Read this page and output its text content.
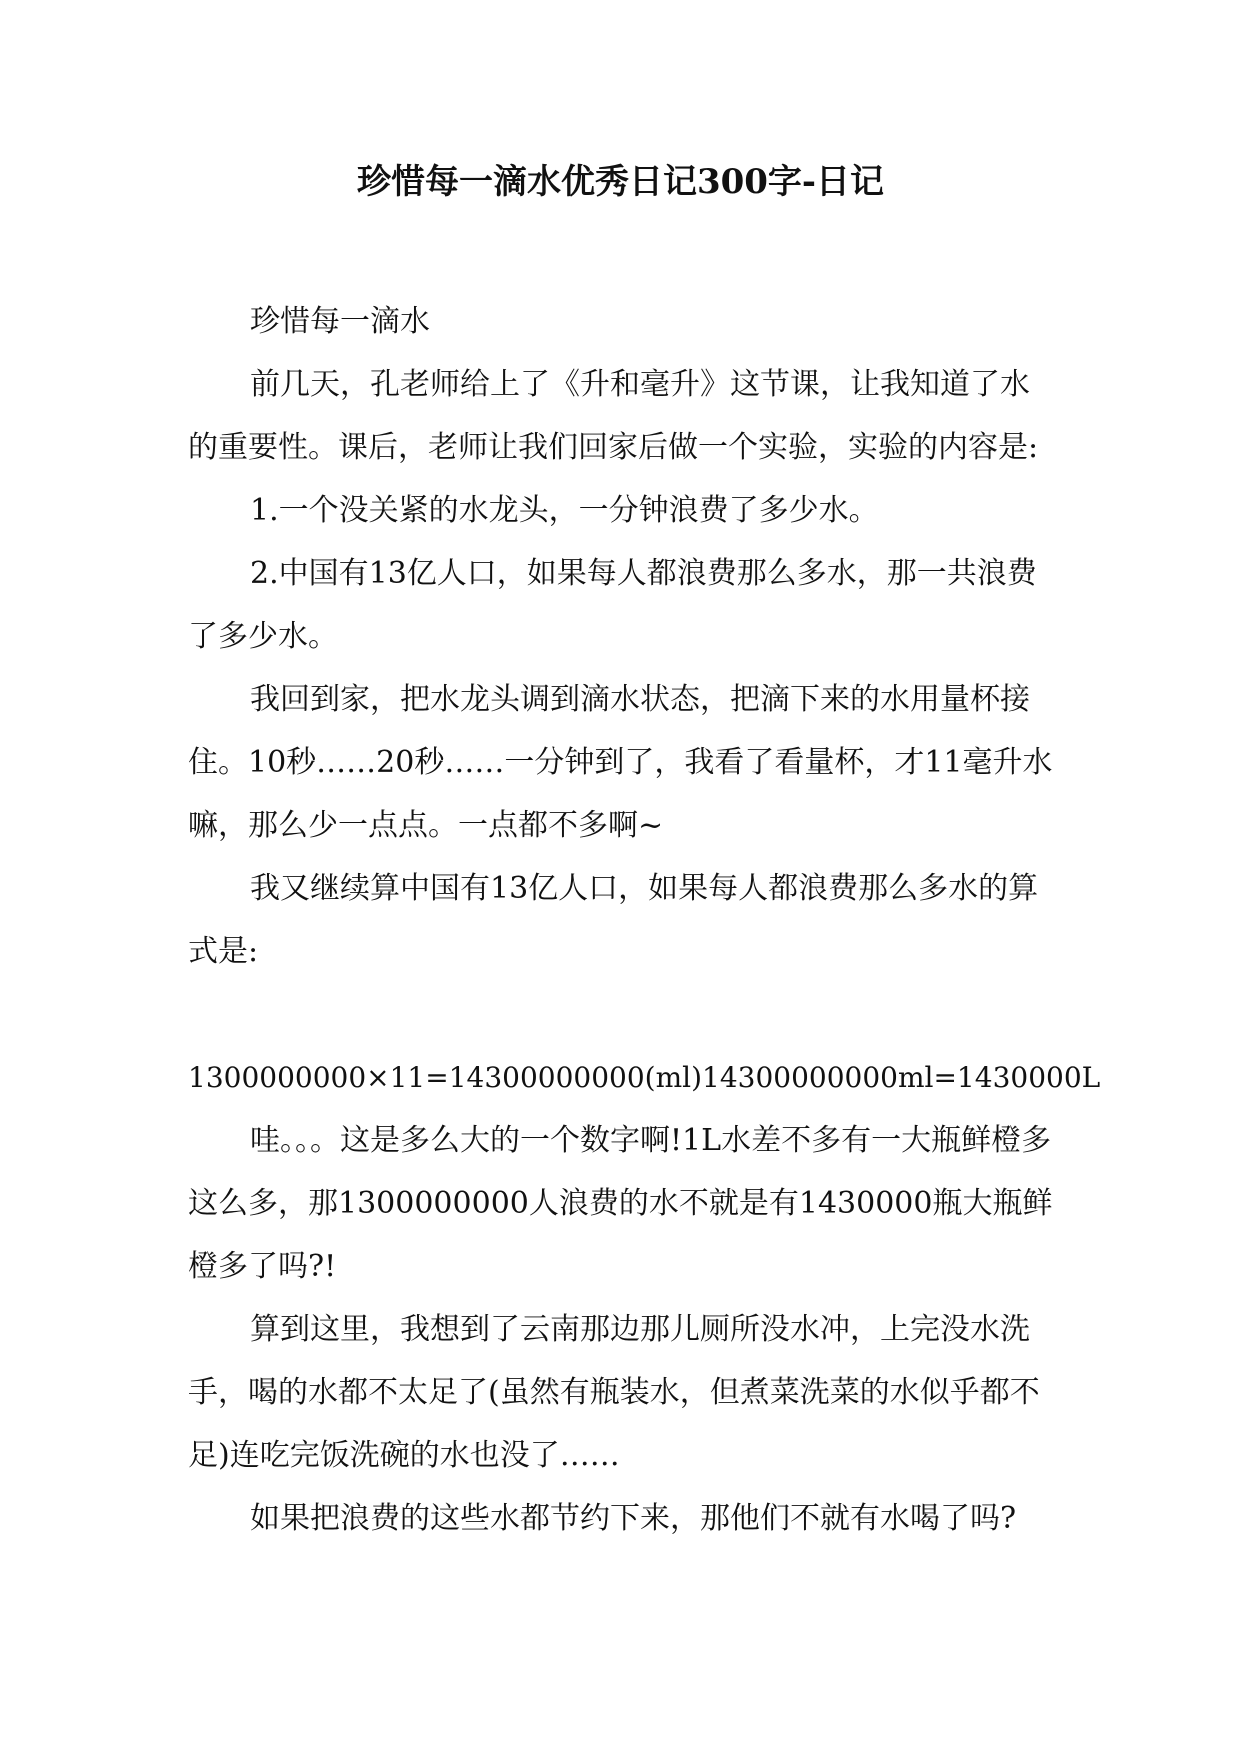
珍惜每一滴水优秀日记300字-日记

珍惜每一滴水

前几天，孔老师给上了《升和毫升》这节课，让我知道了水的重要性。课后，老师让我们回家后做一个实验，实验的内容是:

1.一个没关紧的水龙头，一分钟浪费了多少水。

2.中国有13亿人口，如果每人都浪费那么多水，那一共浪费了多少水。

我回到家，把水龙头调到滴水状态，把滴下来的水用量杯接住。10秒……20秒……一分钟到了，我看了看量杯，才11毫升水嘛，那么少一点点。一点都不多啊~

我又继续算中国有13亿人口，如果每人都浪费那么多水的算式是:

1300000000×11=14300000000(ml)14300000000ml=1430000L

哇。。。这是多么大的一个数字啊!1L水差不多有一大瓶鲜橙多这么多，那1300000000人浪费的水不就是有1430000瓶大瓶鲜橙多了吗?!

算到这里，我想到了云南那边那儿厕所没水冲，上完没水洗手，喝的水都不太足了(虽然有瓶装水，但煮菜洗菜的水似乎都不足)连吃完饭洗碗的水也没了……

如果把浪费的这些水都节约下来，那他们不就有水喝了吗?
